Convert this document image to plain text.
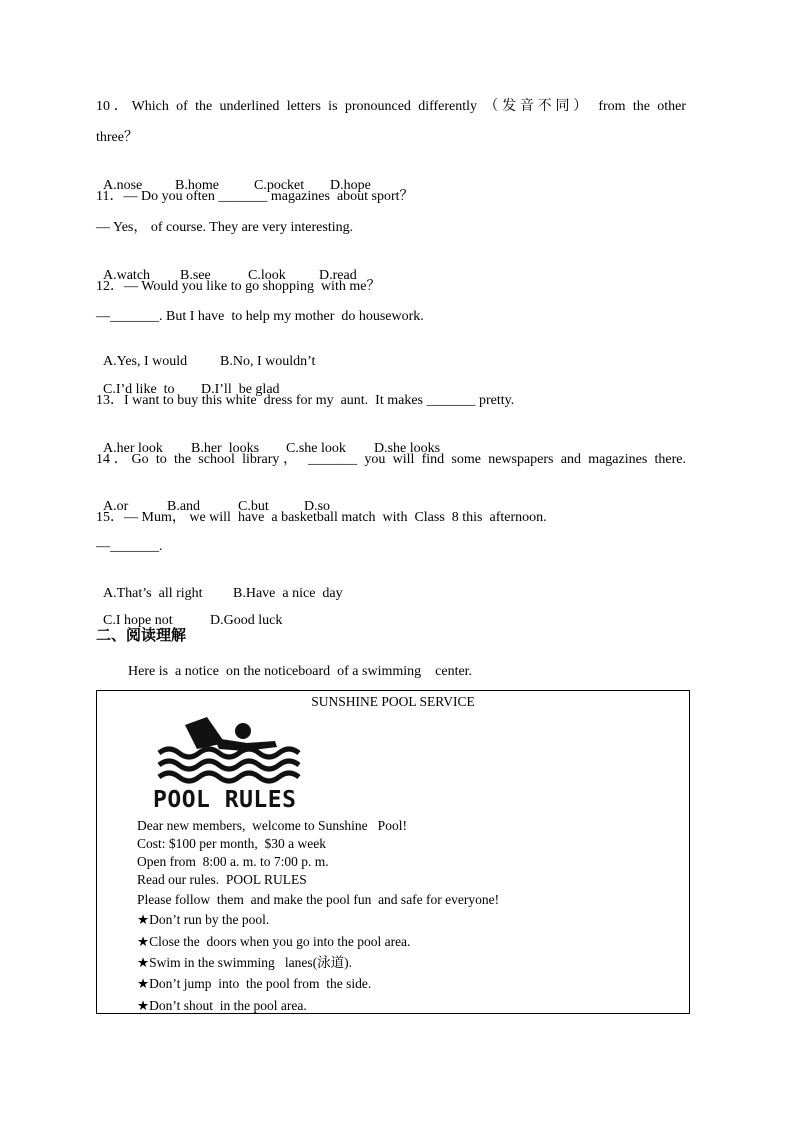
10．Which of the underlined letters is pronounced differently （发音不同） from the other
three？

A.nose B.home	C.pocket D.hope

11．— Do you often _______ magazines  about sport？
— Yes， of course. They are very interesting.

A.watch B.see	C.look D.read

12．— Would you like to go shopping  with me？
—_______. But I have  to help my mother  do housework.

A.Yes, I would B.No, I wouldn’t

C.I’d like  to D.I’ll  be glad

13．I want to buy this white  dress for my  aunt.  It makes _______ pretty.

A.her look B.her  looks C.she look D.she looks

14．Go to the school library， _______ you will find some newspapers and magazines there.

A.or	B.and	C.but	D.so

15．— Mum， we will  have  a basketball match  with  Class  8 this  afternoon.
—_______.

A.That’s  all right B.Have  a nice  day

C.I hope not	D.Good luck

二、阅读理解
Here is  a notice  on the noticeboard  of a swimming    center.
SUNSHINE POOL SERVICE
POOL RULES
Dear new members,  welcome to Sunshine   Pool!
Cost: $100 per month,  $30 a week
Open from  8:00 a. m. to 7:00 p. m.
Read our rules.  POOL RULES
Please follow  them  and make the pool fun  and safe for everyone!
★Don’t run by the pool.
★Close the  doors when you go into the pool area.
★Swim in the swimming   lanes(泳道).
★Don’t jump  into  the pool from  the side.
★Don’t shout  in the pool area.
